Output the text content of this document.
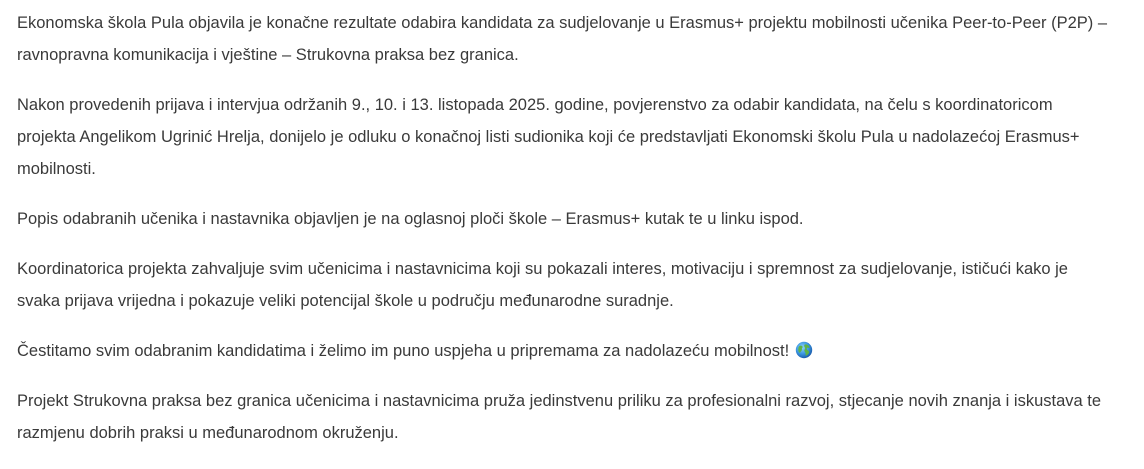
Ekonomska škola Pula objavila je konačne rezultate odabira kandidata za sudjelovanje u Erasmus+ projektu mobilnosti učenika Peer-to-Peer (P2P) – ravnopravna komunikacija i vještine – Strukovna praksa bez granica.

Nakon provedenih prijava i intervjua održanih 9., 10. i 13. listopada 2025. godine, povjerenstvo za odabir kandidata, na čelu s koordinatoricom projekta Angelikom Ugrinić Hrelja, donijelo je odluku o konačnoj listi sudionika koji će predstavljati Ekonomski školu Pula u nadolazećoj Erasmus+ mobilnosti.

Popis odabranih učenika i nastavnika objavljen je na oglasnoj ploči škole – Erasmus+ kutak te u linku ispod.

Koordinatorica projekta zahvaljuje svim učenicima i nastavnicima koji su pokazali interes, motivaciju i spremnost za sudjelovanje, ističući kako je svaka prijava vrijedna i pokazuje veliki potencijal škole u području međunarodne suradnje.

Čestitamo svim odabranim kandidatima i želimo im puno uspjeha u pripremama za nadolazeću mobilnost!

Projekt Strukovna praksa bez granica učenicima i nastavnicima pruža jedinstvenu priliku za profesionalni razvoj, stjecanje novih znanja i iskustava te razmjenu dobrih praksi u međunarodnom okruženju.
